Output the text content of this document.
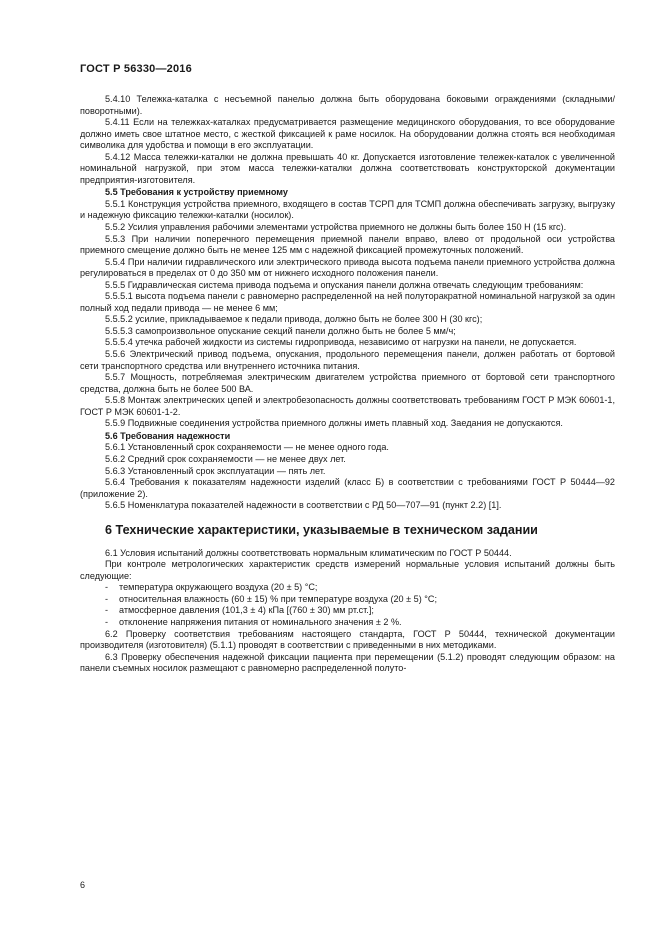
ГОСТ Р 56330—2016

5.4.10 Тележка-каталка с несъемной панелью должна быть оборудована боковыми ограждениями (складными/ поворотными).

5.4.11 Если на тележках-каталках предусматривается размещение медицинского оборудования, то все оборудование должно иметь свое штатное место, с жесткой фиксацией к раме носилок. На оборудовании должна стоять вся необходимая символика для удобства и помощи в его эксплуатации.

5.4.12 Масса тележки-каталки не должна превышать 40 кг. Допускается изготовление тележек-каталок с увеличенной номинальной нагрузкой, при этом масса тележки-каталки должна соответствовать конструкторской документации предприятия-изготовителя.

5.5 Требования к устройству приемному

5.5.1 Конструкция устройства приемного, входящего в состав ТСРП для ТСМП должна обеспечивать загрузку, выгрузку и надежную фиксацию тележки-каталки (носилок).

5.5.2 Усилия управления рабочими элементами устройства приемного не должны быть более 150 Н (15 кгс).

5.5.3 При наличии поперечного перемещения приемной панели вправо, влево от продольной оси устройства приемного смещение должно быть не менее 125 мм с надежной фиксацией промежуточных положений.

5.5.4 При наличии гидравлического или электрического привода высота подъема панели приемного устройства должна регулироваться в пределах от 0 до 350 мм от нижнего исходного положения панели.

5.5.5 Гидравлическая система привода подъема и опускания панели должна отвечать следующим требованиям:

5.5.5.1 высота подъема панели с равномерно распределенной на ней полуторакратной номинальной нагрузкой за один полный ход педали привода — не менее 6 мм;

5.5.5.2 усилие, прикладываемое к педали привода, должно быть не более 300 Н (30 кгс);

5.5.5.3 самопроизвольное опускание секций панели должно быть не более 5 мм/ч;

5.5.5.4 утечка рабочей жидкости из системы гидропривода, независимо от нагрузки на панели, не допускается.

5.5.6 Электрический привод подъема, опускания, продольного перемещения панели, должен работать от бортовой сети транспортного средства или внутреннего источника питания.

5.5.7 Мощность, потребляемая электрическим двигателем устройства приемного от бортовой сети транспортного средства, должна быть не более 500 ВА.

5.5.8 Монтаж электрических цепей и электробезопасность должны соответствовать требованиям ГОСТ Р МЭК 60601-1, ГОСТ Р МЭК 60601-1-2.

5.5.9 Подвижные соединения устройства приемного должны иметь плавный ход. Заедания не допускаются.

5.6 Требования надежности

5.6.1 Установленный срок сохраняемости — не менее одного года.

5.6.2 Средний срок сохраняемости — не менее двух лет.

5.6.3 Установленный срок эксплуатации — пять лет.

5.6.4 Требования к показателям надежности изделий (класс Б) в соответствии с требованиями ГОСТ Р 50444—92 (приложение 2).

5.6.5 Номенклатура показателей надежности в соответствии с РД 50—707—91 (пункт 2.2) [1].

6 Технические характеристики, указываемые в техническом задании

6.1 Условия испытаний должны соответствовать нормальным климатическим по ГОСТ Р 50444.

При контроле метрологических характеристик средств измерений нормальные условия испытаний должны быть следующие:

- температура окружающего воздуха (20 ± 5) °С;

- относительная влажность (60 ± 15) % при температуре воздуха (20 ± 5) °С;

- атмосферное давления (101,3 ± 4) кПа [(760 ± 30) мм рт.ст.];

- отклонение напряжения питания от номинального значения ± 2 %.

6.2 Проверку соответствия требованиям настоящего стандарта, ГОСТ Р 50444, технической документации производителя (изготовителя) (5.1.1) проводят в соответствии с приведенными в них методиками.

6.3 Проверку обеспечения надежной фиксации пациента при перемещении (5.1.2) проводят следующим образом: на панели съемных носилок размещают с равномерно распределенной полуто-

6
